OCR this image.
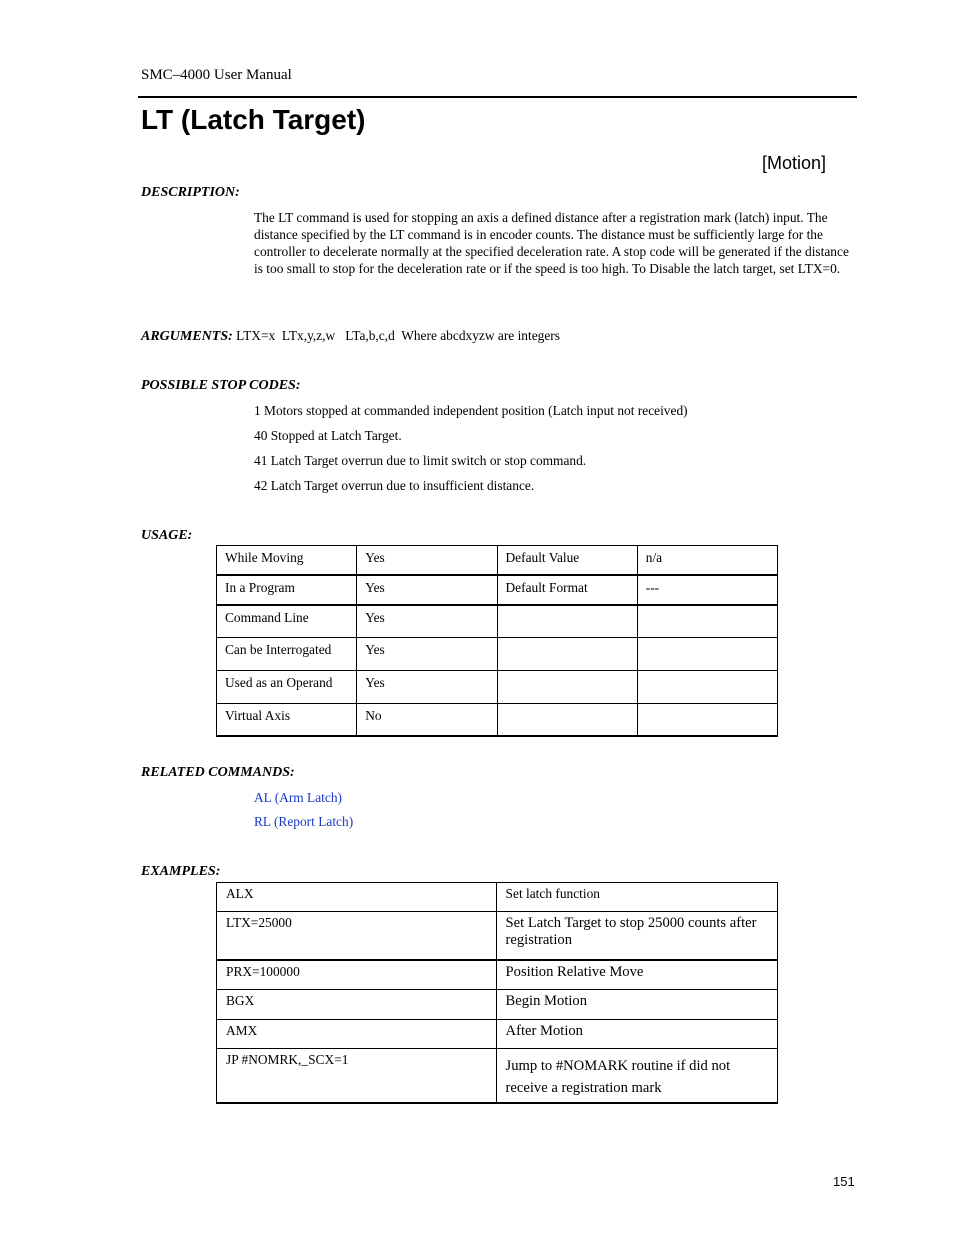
SMC–4000 User Manual
LT (Latch Target)
[Motion]
DESCRIPTION:
The LT command is used for stopping an axis a defined distance after a registration mark (latch) input. The distance specified by the LT command is in encoder counts. The distance must be sufficiently large for the controller to decelerate normally at the specified deceleration rate. A stop code will be generated if the distance is too small to stop for the deceleration rate or if the speed is too high. To Disable the latch target, set LTX=0.
ARGUMENTS: LTX=x  LTx,y,z,w   LTa,b,c,d  Where abcdxyzw are integers
POSSIBLE STOP CODES:
1 Motors stopped at commanded independent position (Latch input not received)
40 Stopped at Latch Target.
41 Latch Target overrun due to limit switch or stop command.
42 Latch Target overrun due to insufficient distance.
USAGE:
While Moving	Yes	Default Value	n/a
In a Program	Yes	Default Format	---
Command Line	Yes		
Can be Interrogated	Yes		
Used as an Operand	Yes		
Virtual Axis	No		
RELATED COMMANDS:
AL (Arm Latch)
RL (Report Latch)
EXAMPLES:
ALX	Set latch function
LTX=25000	Set Latch Target to stop 25000 counts after registration
PRX=100000	Position Relative Move
BGX	Begin Motion
AMX	After Motion
JP #NOMRK,_SCX=1	Jump to #NOMARK routine if did not receive a registration mark
151
